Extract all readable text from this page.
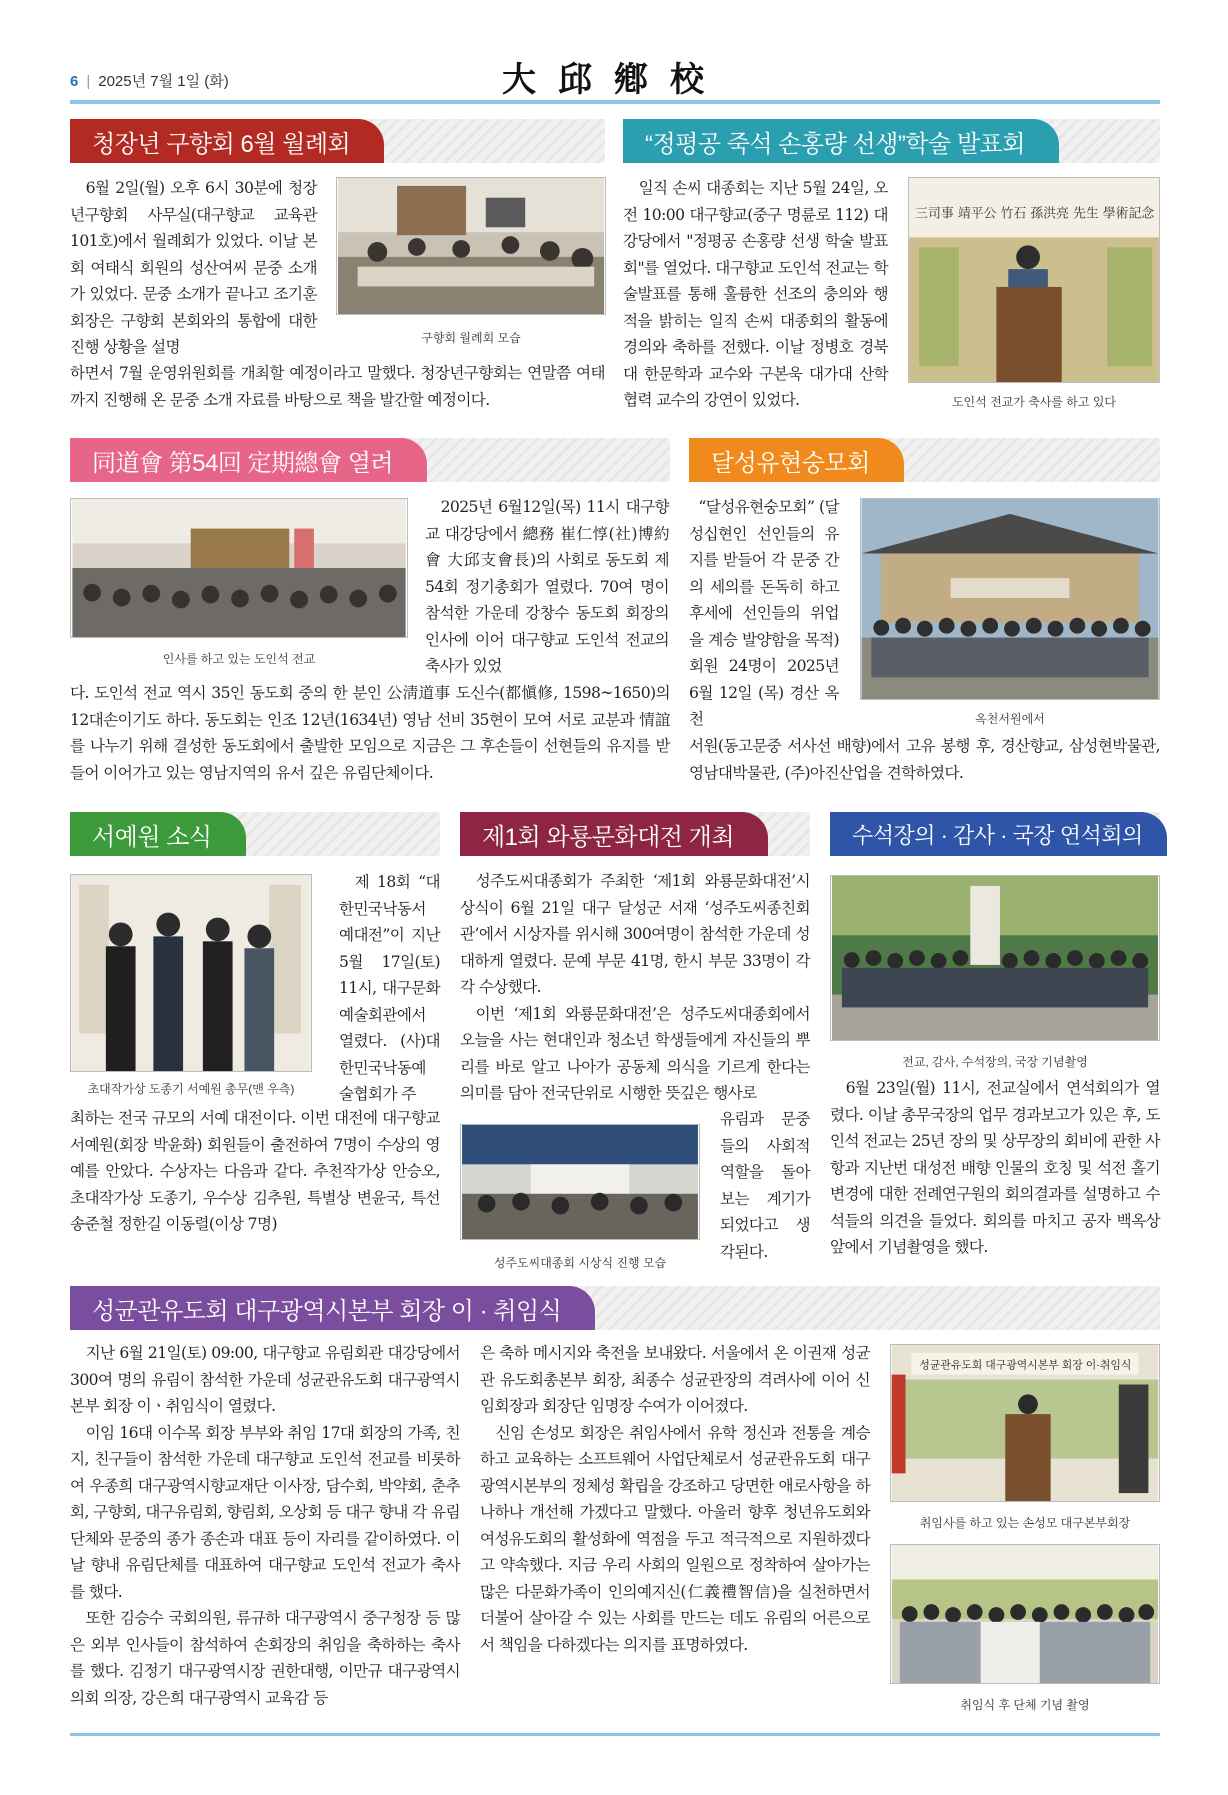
6 | 2025년 7월 1일 (화)	大邱鄕校
청장년 구향회 6월 월례회
6월 2일(월) 오후 6시 30분에 청장년구향회 사무실(대구향교 교육관 101호)에서 월례회가 있었다. 이날 본회 여태식 회원의 성산여씨 문중 소개가 있었다. 문중 소개가 끝나고 조기훈 회장은 구향회 본회와의 통합에 대한 진행 상황을 설명	구향회 월례회 모습
하면서 7월 운영위원회를 개최할 예정이라고 말했다. 청장년구향회는 연말쯤 여태까지 진행해 온 문중 소개 자료를 바탕으로 책을 발간할 예정이다.
“정평공 죽석 손홍량 선생”학술 발표회
일직 손씨 대종회는 지난 5월 24일, 오전 10:00 대구향교(중구 명륜로 112) 대강당에서 "정평공 손홍량 선생 학술 발표회"를 열었다. 대구향교 도인석 전교는 학술발표를 통해 훌륭한 선조의 충의와 행적을 밝히는 일직 손씨 대종회의 활동에 경의와 축하를 전했다. 이날 정병호 경북대 한문학과 교수와 구본욱 대가대 산학협력 교수의 강연이 있었다.
三司事 靖平公 竹石 孫洪亮 先生 學術記念
도인석 전교가 축사를 하고 있다
同道會 第54回 定期總會 열려
인사를 하고 있는 도인석 전교
2025년 6월12일(목) 11시 대구향교 대강당에서 總務 崔仁惇(社)博約會 大邱支會長)의 사회로 동도회 제54회 정기총회가 열렸다. 70여 명이 참석한 가운데 강창수 동도회 회장의 인사에 이어 대구향교 도인석 전교의 축사가 있었
다. 도인석 전교 역시 35인 동도회 중의 한 분인 公淸道事 도신수(都愼修, 1598~1650)의 12대손이기도 하다. 동도회는 인조 12년(1634년) 영남 선비 35현이 모여 서로 교분과 情誼를 나누기 위해 결성한 동도회에서 출발한 모임으로 지금은 그 후손들이 선현들의 유지를 받들어 이어가고 있는 영남지역의 유서 깊은 유림단체이다.
달성유현숭모회
“달성유현숭모회” (달성십현인 선인들의 유지를 받들어 각 문중 간의 세의를 돈독히 하고 후세에 선인들의 위업을 계승 발양함을 목적) 회원 24명이 2025년 6월 12일 (목) 경산 옥천	옥천서원에서
서원(동고문중 서사선 배향)에서 고유 봉행 후, 경산향교, 삼성현박물관, 영남대박물관, (주)아진산업을 견학하였다.
서예원 소식
초대작가상 도종기 서예원 총무(맨 우측)
제 18회 “대한민국낙동서예대전”이 지난 5월 17일(토) 11시, 대구문화예술회관에서 열렸다. (사)대한민국낙동예술협회가 주
최하는 전국 규모의 서예 대전이다. 이번 대전에 대구향교 서예원(회장 박윤화) 회원들이 출전하여 7명이 수상의 영예를 안았다. 수상자는 다음과 같다. 추천작가상 안승오, 초대작가상 도종기, 우수상 김추원, 특별상 변윤국, 특선 송준철 정한길 이동렬(이상 7명)
제1회 와룡문화대전 개최

성주도씨대종회가 주최한 ‘제1회 와룡문화대전’시상식이 6월 21일 대구 달성군 서재 ‘성주도씨종친회관’에서 시상자를 위시해 300여명이 참석한 가운데 성대하게 열렸다. 문예 부문 41명, 한시 부문 33명이 각각 수상했다.

이번 ‘제1회 와룡문화대전’은 성주도씨대종회에서 오늘을 사는 현대인과 청소년 학생들에게 자신들의 뿌리를 바로 알고 나아가 공동체 의식을 기르게 한다는 의미를 담아 전국단위로 시행한 뜻깊은 행사로

성주도씨대종회 시상식 진행 모습
유림과 문중들의 사회적 역할을 돌아보는 계기가 되었다고 생각된다.
수석장의 · 감사 · 국장 연석회의
전교, 감사, 수석장의, 국장 기념촬영
6월 23일(월) 11시, 전교실에서 연석회의가 열렸다. 이날 총무국장의 업무 경과보고가 있은 후, 도인석 전교는 25년 장의 및 상무장의 회비에 관한 사항과 지난번 대성전 배향 인물의 호칭 및 석전 홀기 변경에 대한 전례연구원의 회의결과를 설명하고 수석들의 의견을 들었다. 회의를 마치고 공자 백옥상 앞에서 기념촬영을 했다.
성균관유도회 대구광역시본부 회장 이 · 취임식

지난 6월 21일(토) 09:00, 대구향교 유림회관 대강당에서 300여 명의 유림이 참석한 가운데 성균관유도회 대구광역시본부 회장 이ㆍ취임식이 열렸다.

이임 16대 이수목 회장 부부와 취임 17대 회장의 가족, 친지, 친구들이 참석한 가운데 대구향교 도인석 전교를 비롯하여 우종희 대구광역시향교재단 이사장, 담수회, 박약회, 춘추회, 구향회, 대구유림회, 향림회, 오상회 등 대구 향내 각 유림단체와 문중의 종가 종손과 대표 등이 자리를 같이하였다. 이날 향내 유림단체를 대표하여 대구향교 도인석 전교가 축사를 했다.

또한 김승수 국회의원, 류규하 대구광역시 중구청장 등 많은 외부 인사들이 참석하여 손회장의 취임을 축하하는 축사를 했다. 김정기 대구광역시장 권한대행, 이만규 대구광역시의회 의장, 강은희 대구광역시 교육감 등

은 축하 메시지와 축전을 보내왔다. 서울에서 온 이권재 성균관 유도회총본부 회장, 최종수 성균관장의 격려사에 이어 신임회장과 회장단 임명장 수여가 이어졌다.

신임 손성모 회장은 취임사에서 유학 정신과 전통을 계승하고 교육하는 소프트웨어 사업단체로서 성균관유도회 대구광역시본부의 정체성 확립을 강조하고 당면한 애로사항을 하나하나 개선해 가겠다고 말했다. 아울러 향후 청년유도회와 여성유도회의 활성화에 역점을 두고 적극적으로 지원하겠다고 약속했다. 지금 우리 사회의 일원으로 정착하여 살아가는 많은 다문화가족이 인의예지신(仁義禮智信)을 실천하면서 더불어 살아갈 수 있는 사회를 만드는 데도 유림의 어른으로서 책임을 다하겠다는 의지를 표명하였다.

성균관유도회 대구광역시본부 회장 이·취임식
취임사를 하고 있는 손성모 대구본부회장
취임식 후 단체 기념 촬영
